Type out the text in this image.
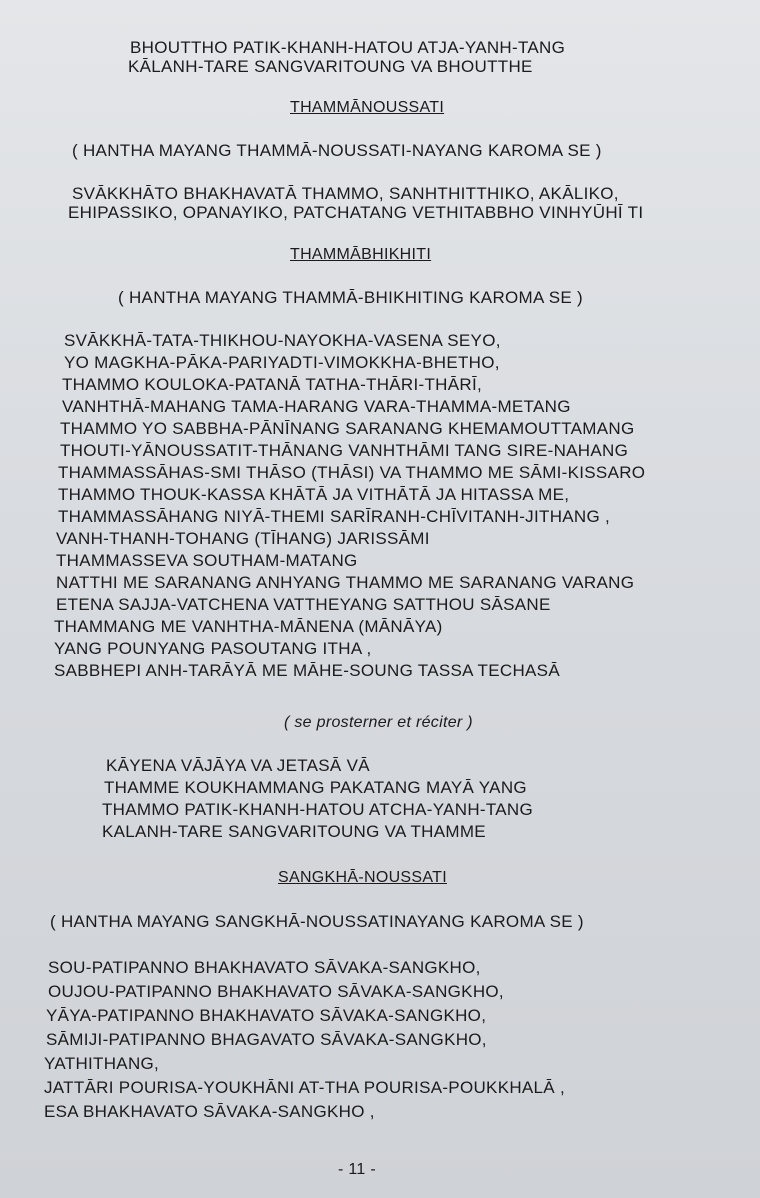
BHOUTTHO PATIK-KHANH-HATOU ATJA-YANH-TANG
KĀLANH-TARE SANGVARITOUNG VA BHOUTTHE
THAMMĀNOUSSATI
( HANTHA MAYANG THAMMĀ-NOUSSATI-NAYANG KAROMA SE )
SVĀKKHĀTO BHAKHAVATĀ THAMMO, SANHTHITTHIKO, AKĀLIKO,
EHIPASSIKO, OPANAYIKO, PATCHATANG VETHITABBHO VINHYŪHĪ TI
THAMMĀBHIKHITI
( HANTHA MAYANG THAMMĀ-BHIKHITING KAROMA SE )
SVĀKKHĀ-TATA-THIKHOU-NAYOKHA-VASENA SEYO,
YO MAGKHA-PĀKA-PARIYADTI-VIMOKKHA-BHETHO,
THAMMO KOULOKA-PATANĀ TATHA-THĀRI-THĀRĪ,
VANHTHĀ-MAHANG TAMA-HARANG VARA-THAMMA-METANG
THAMMO YO SABBHA-PĀNĪNANG SARANANG KHEMAMOUTTAMANG
THOUTI-YĀNOUSSATIT-THĀNANG VANHTHĀMI TANG SIRE-NAHANG
THAMMASSĀHAS-SMI THĀSO (THĀSI) VA THAMMO ME SĀMI-KISSARO
THAMMO THOUK-KASSA KHĀTĀ JA VITHĀTĀ JA HITASSA ME,
THAMMASSĀHANG NIYĀ-THEMI SARĪRANH-CHĪVITANH-JITHANG ,
VANH-THANH-TOHANG (TĪHANG) JARISSĀMI
THAMMASSEVA SOUTHAM-MATANG
NATTHI ME SARANANG ANHYANG THAMMO ME SARANANG VARANG
ETENA SAJJA-VATCHENA VATTHEYANG SATTHOU SĀSANE
THAMMANG ME VANHTHA-MĀNENA (MĀNĀYA)
YANG POUNYANG PASOUTANG ITHA ,
SABBHEPI ANH-TARĀYĀ ME MĀHE-SOUNG TASSA TECHASĀ
( se prosterner et réciter )
KĀYENA VĀJĀYA VA JETASĀ VĀ
THAMME KOUKHAMMANG PAKATANG MAYĀ YANG
THAMMO PATIK-KHANH-HATOU ATCHA-YANH-TANG
KALANH-TARE SANGVARITOUNG VA THAMME
SANGKHĀ-NOUSSATI
( HANTHA MAYANG SANGKHĀ-NOUSSATINAYANG KAROMA SE )
SOU-PATIPANNO BHAKHAVATO SĀVAKA-SANGKHO,
OUJOU-PATIPANNO BHAKHAVATO SĀVAKA-SANGKHO,
YĀYA-PATIPANNO BHAKHAVATO SĀVAKA-SANGKHO,
SĀMIJI-PATIPANNO BHAGAVATO SĀVAKA-SANGKHO,
YATHITHANG,
JATTĀRI POURISA-YOUKHĀNI AT-THA POURISA-POUKKHALĀ ,
ESA BHAKHAVATO SĀVAKA-SANGKHO ,
- 11 -
